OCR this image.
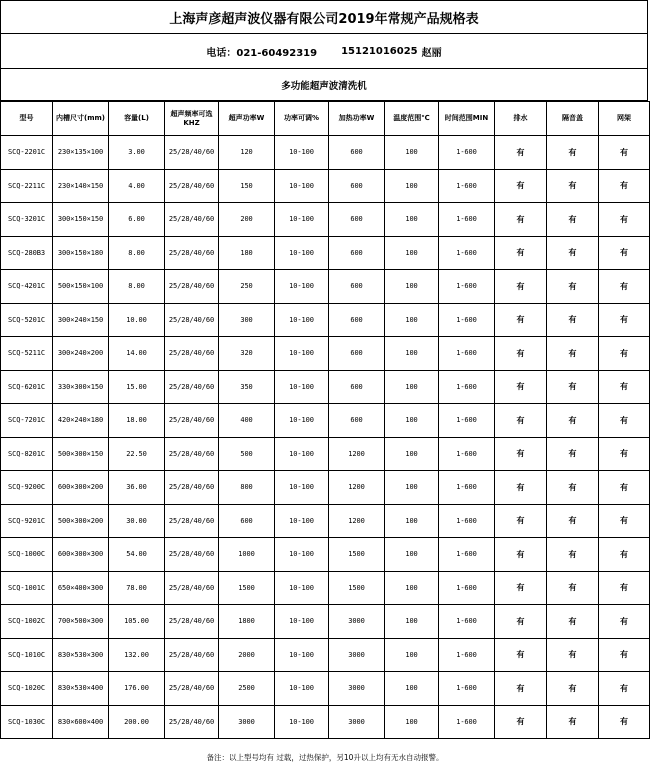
上海声彦超声波仪器有限公司2019年常规产品规格表
电话：021-60492319 15121016025 赵丽
多功能超声波清洗机
型号	内槽尺寸(mm)	容量(L)	超声频率可选KHZ	超声功率W	功率可调%	加热功率W	温度范围℃	时间范围MIN	排水	隔音盖	网架
SCQ-2201C	230×135×100	3.00	25/28/40/60	120	10-100	600	100	1-600	有	有	有
SCQ-2211C	230×140×150	4.00	25/28/40/60	150	10-100	600	100	1-600	有	有	有
SCQ-3201C	300×150×150	6.00	25/28/40/60	200	10-100	600	100	1-600	有	有	有
SCQ-280B3	300×150×180	8.00	25/28/40/60	180	10-100	600	100	1-600	有	有	有
SCQ-4201C	500×150×100	8.00	25/28/40/60	250	10-100	600	100	1-600	有	有	有
SCQ-5201C	300×240×150	10.00	25/28/40/60	300	10-100	600	100	1-600	有	有	有
SCQ-5211C	300×240×200	14.00	25/28/40/60	320	10-100	600	100	1-600	有	有	有
SCQ-6201C	330×300×150	15.00	25/28/40/60	350	10-100	600	100	1-600	有	有	有
SCQ-7201C	420×240×180	18.00	25/28/40/60	400	10-100	600	100	1-600	有	有	有
SCQ-8201C	500×300×150	22.50	25/28/40/60	500	10-100	1200	100	1-600	有	有	有
SCQ-9200C	600×300×200	36.00	25/28/40/60	800	10-100	1200	100	1-600	有	有	有
SCQ-9201C	500×300×200	30.00	25/28/40/60	600	10-100	1200	100	1-600	有	有	有
SCQ-1000C	600×300×300	54.00	25/28/40/60	1000	10-100	1500	100	1-600	有	有	有
SCQ-1001C	650×400×300	78.00	25/28/40/60	1500	10-100	1500	100	1-600	有	有	有
SCQ-1002C	700×500×300	105.00	25/28/40/60	1800	10-100	3000	100	1-600	有	有	有
SCQ-1010C	830×530×300	132.00	25/28/40/60	2000	10-100	3000	100	1-600	有	有	有
SCQ-1020C	830×530×400	176.00	25/28/40/60	2500	10-100	3000	100	1-600	有	有	有
SCQ-1030C	830×600×400	200.00	25/28/40/60	3000	10-100	3000	100	1-600	有	有	有
备注：以上型号均有 过载，过热保护，另10升以上均有无水自动报警。
